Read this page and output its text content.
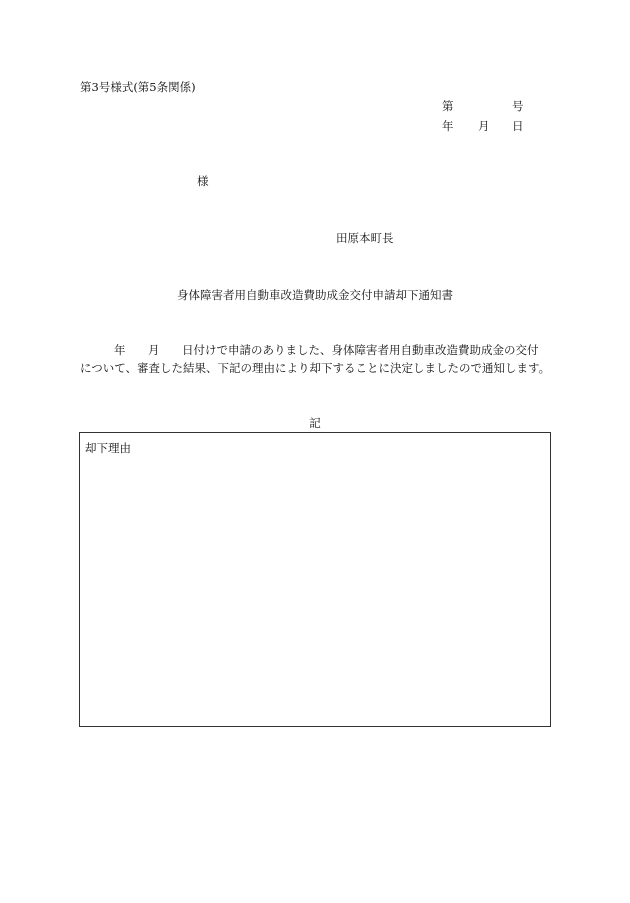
第3号様式(第5条関係)
第	号
年 月 日
様
田原本町長
身体障害者用自動車改造費助成金交付申請却下通知書
年 月 日付けで申請のありました、身体障害者用自動車改造費助成金の交付
について、審査した結果、下記の理由により却下することに決定しましたので通知します。
記
却下理由
